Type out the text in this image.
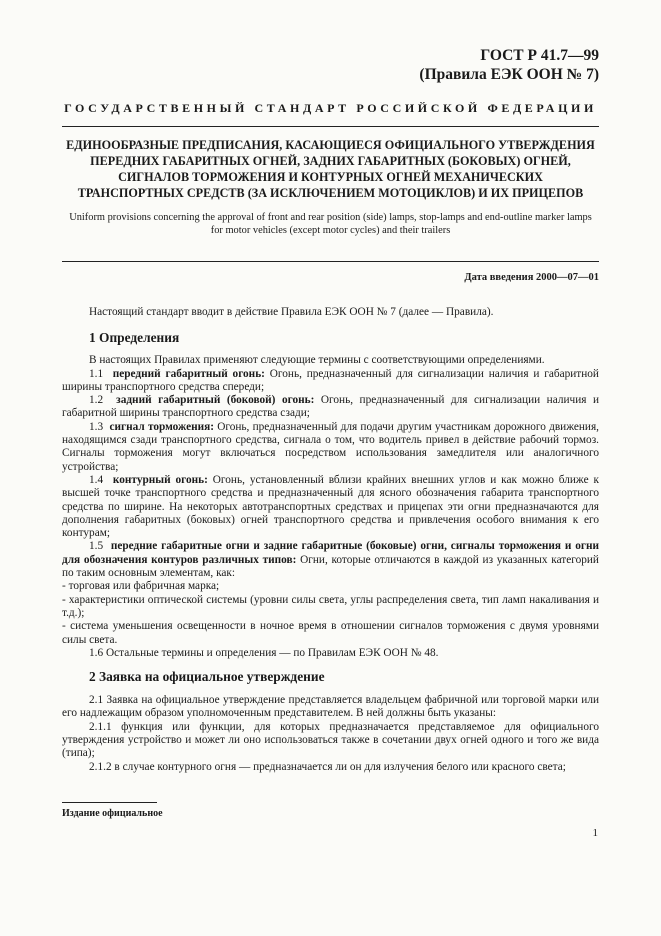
ГОСТ Р 41.7—99
(Правила ЕЭК ООН № 7)
ГОСУДАРСТВЕННЫЙ СТАНДАРТ РОССИЙСКОЙ ФЕДЕРАЦИИ
ЕДИНООБРАЗНЫЕ ПРЕДПИСАНИЯ, КАСАЮЩИЕСЯ ОФИЦИАЛЬНОГО УТВЕРЖДЕНИЯ ПЕРЕДНИХ ГАБАРИТНЫХ ОГНЕЙ, ЗАДНИХ ГАБАРИТНЫХ (БОКОВЫХ) ОГНЕЙ, СИГНАЛОВ ТОРМОЖЕНИЯ И КОНТУРНЫХ ОГНЕЙ МЕХАНИЧЕСКИХ ТРАНСПОРТНЫХ СРЕДСТВ (ЗА ИСКЛЮЧЕНИЕМ МОТОЦИКЛОВ) И ИХ ПРИЦЕПОВ
Uniform provisions concerning the approval of front and rear position (side) lamps, stop-lamps and end-outline marker lamps for motor vehicles (except motor cycles) and their trailers
Дата введения 2000—07—01

Настоящий стандарт вводит в действие Правила ЕЭК ООН № 7 (далее — Правила).

1 Определения

В настоящих Правилах применяют следующие термины с соответствующими определениями.

1.1 передний габаритный огонь: Огонь, предназначенный для сигнализации наличия и габаритной ширины транспортного средства спереди;

1.2 задний габаритный (боковой) огонь: Огонь, предназначенный для сигнализации наличия и габаритной ширины транспортного средства сзади;

1.3 сигнал торможения: Огонь, предназначенный для подачи другим участникам дорожного движения, находящимся сзади транспортного средства, сигнала о том, что водитель привел в действие рабочий тормоз. Сигналы торможения могут включаться посредством использования замедлителя или аналогичного устройства;

1.4 контурный огонь: Огонь, установленный вблизи крайних внешних углов и как можно ближе к высшей точке транспортного средства и предназначенный для ясного обозначения габарита транспортного средства по ширине. На некоторых автотранспортных средствах и прицепах эти огни предназначаются для дополнения габаритных (боковых) огней транспортного средства и привлечения особого внимания к его контурам;

1.5 передние габаритные огни и задние габаритные (боковые) огни, сигналы торможения и огни для обозначения контуров различных типов: Огни, которые отличаются в каждой из указанных категорий по таким основным элементам, как:

- торговая или фабричная марка;

- характеристики оптической системы (уровни силы света, углы распределения света, тип ламп накаливания и т.д.);

- система уменьшения освещенности в ночное время в отношении сигналов торможения с двумя уровнями силы света.

1.6 Остальные термины и определения — по Правилам ЕЭК ООН № 48.

2 Заявка на официальное утверждение

2.1 Заявка на официальное утверждение представляется владельцем фабричной или торговой марки или его надлежащим образом уполномоченным представителем. В ней должны быть указаны:

2.1.1 функция или функции, для которых предназначается представляемое для официального утверждения устройство и может ли оно использоваться также в сочетании двух огней одного и того же вида (типа);

2.1.2 в случае контурного огня — предназначается ли он для излучения белого или красного света;

Издание официальное
1
